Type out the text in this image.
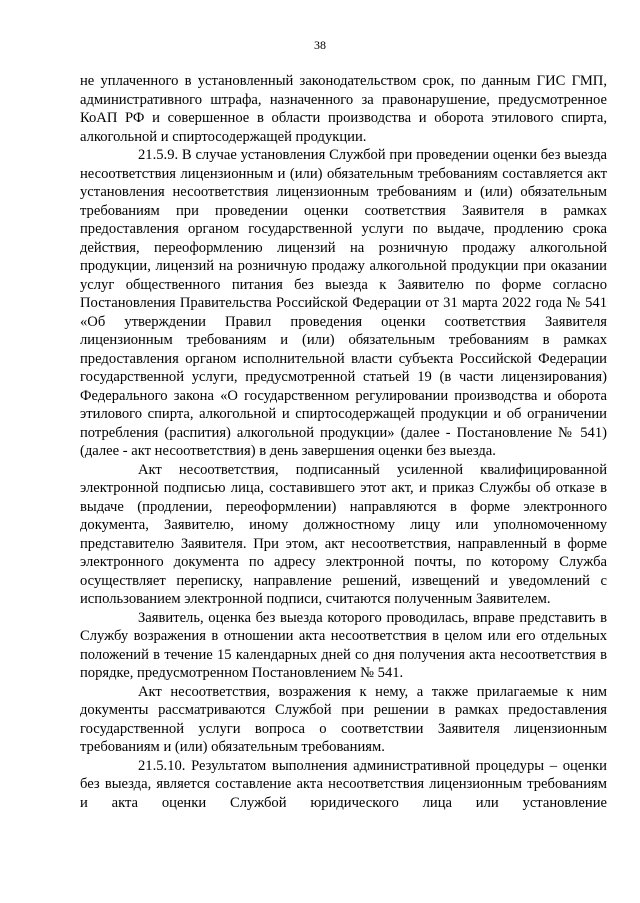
38

не уплаченного в установленный законодательством срок, по данным ГИС ГМП, административного штрафа, назначенного за правонарушение, предусмотренное КоАП РФ и совершенное в области производства и оборота этилового спирта, алкогольной и спиртосодержащей продукции.

21.5.9. В случае установления Службой при проведении оценки без выезда несоответствия лицензионным и (или) обязательным требованиям составляется акт установления несоответствия лицензионным требованиям и (или) обязательным требованиям при проведении оценки соответствия Заявителя в рамках предоставления органом государственной услуги по выдаче, продлению срока действия, переоформлению лицензий на розничную продажу алкогольной продукции, лицензий на розничную продажу алкогольной продукции при оказании услуг общественного питания без выезда к Заявителю по форме согласно Постановления Правительства Российской Федерации от 31 марта 2022 года № 541 «Об утверждении Правил проведения оценки соответствия Заявителя лицензионным требованиям и (или) обязательным требованиям в рамках предоставления органом исполнительной власти субъекта Российской Федерации государственной услуги, предусмотренной статьей 19 (в части лицензирования) Федерального закона «О государственном регулировании производства и оборота этилового спирта, алкогольной и спиртосодержащей продукции и об ограничении потребления (распития) алкогольной продукции» (далее - Постановление № 541) (далее - акт несоответствия) в день завершения оценки без выезда.

Акт несоответствия, подписанный усиленной квалифицированной электронной подписью лица, составившего этот акт, и приказ Службы об отказе в выдаче (продлении, переоформлении) направляются в форме электронного документа, Заявителю, иному должностному лицу или уполномоченному представителю Заявителя. При этом, акт несоответствия, направленный в форме электронного документа по адресу электронной почты, по которому Служба осуществляет переписку, направление решений, извещений и уведомлений с использованием электронной подписи, считаются полученным Заявителем.

Заявитель, оценка без выезда которого проводилась, вправе представить в Службу возражения в отношении акта несоответствия в целом или его отдельных положений в течение 15 календарных дней со дня получения акта несоответствия в порядке, предусмотренном Постановлением № 541.

Акт несоответствия, возражения к нему, а также прилагаемые к ним документы рассматриваются Службой при решении в рамках предоставления государственной услуги вопроса о соответствии Заявителя лицензионным требованиям и (или) обязательным требованиям.

21.5.10. Результатом выполнения административной процедуры – оценки без выезда, является составление акта несоответствия лицензионным требованиям и акта оценки Службой юридического лица или установление
